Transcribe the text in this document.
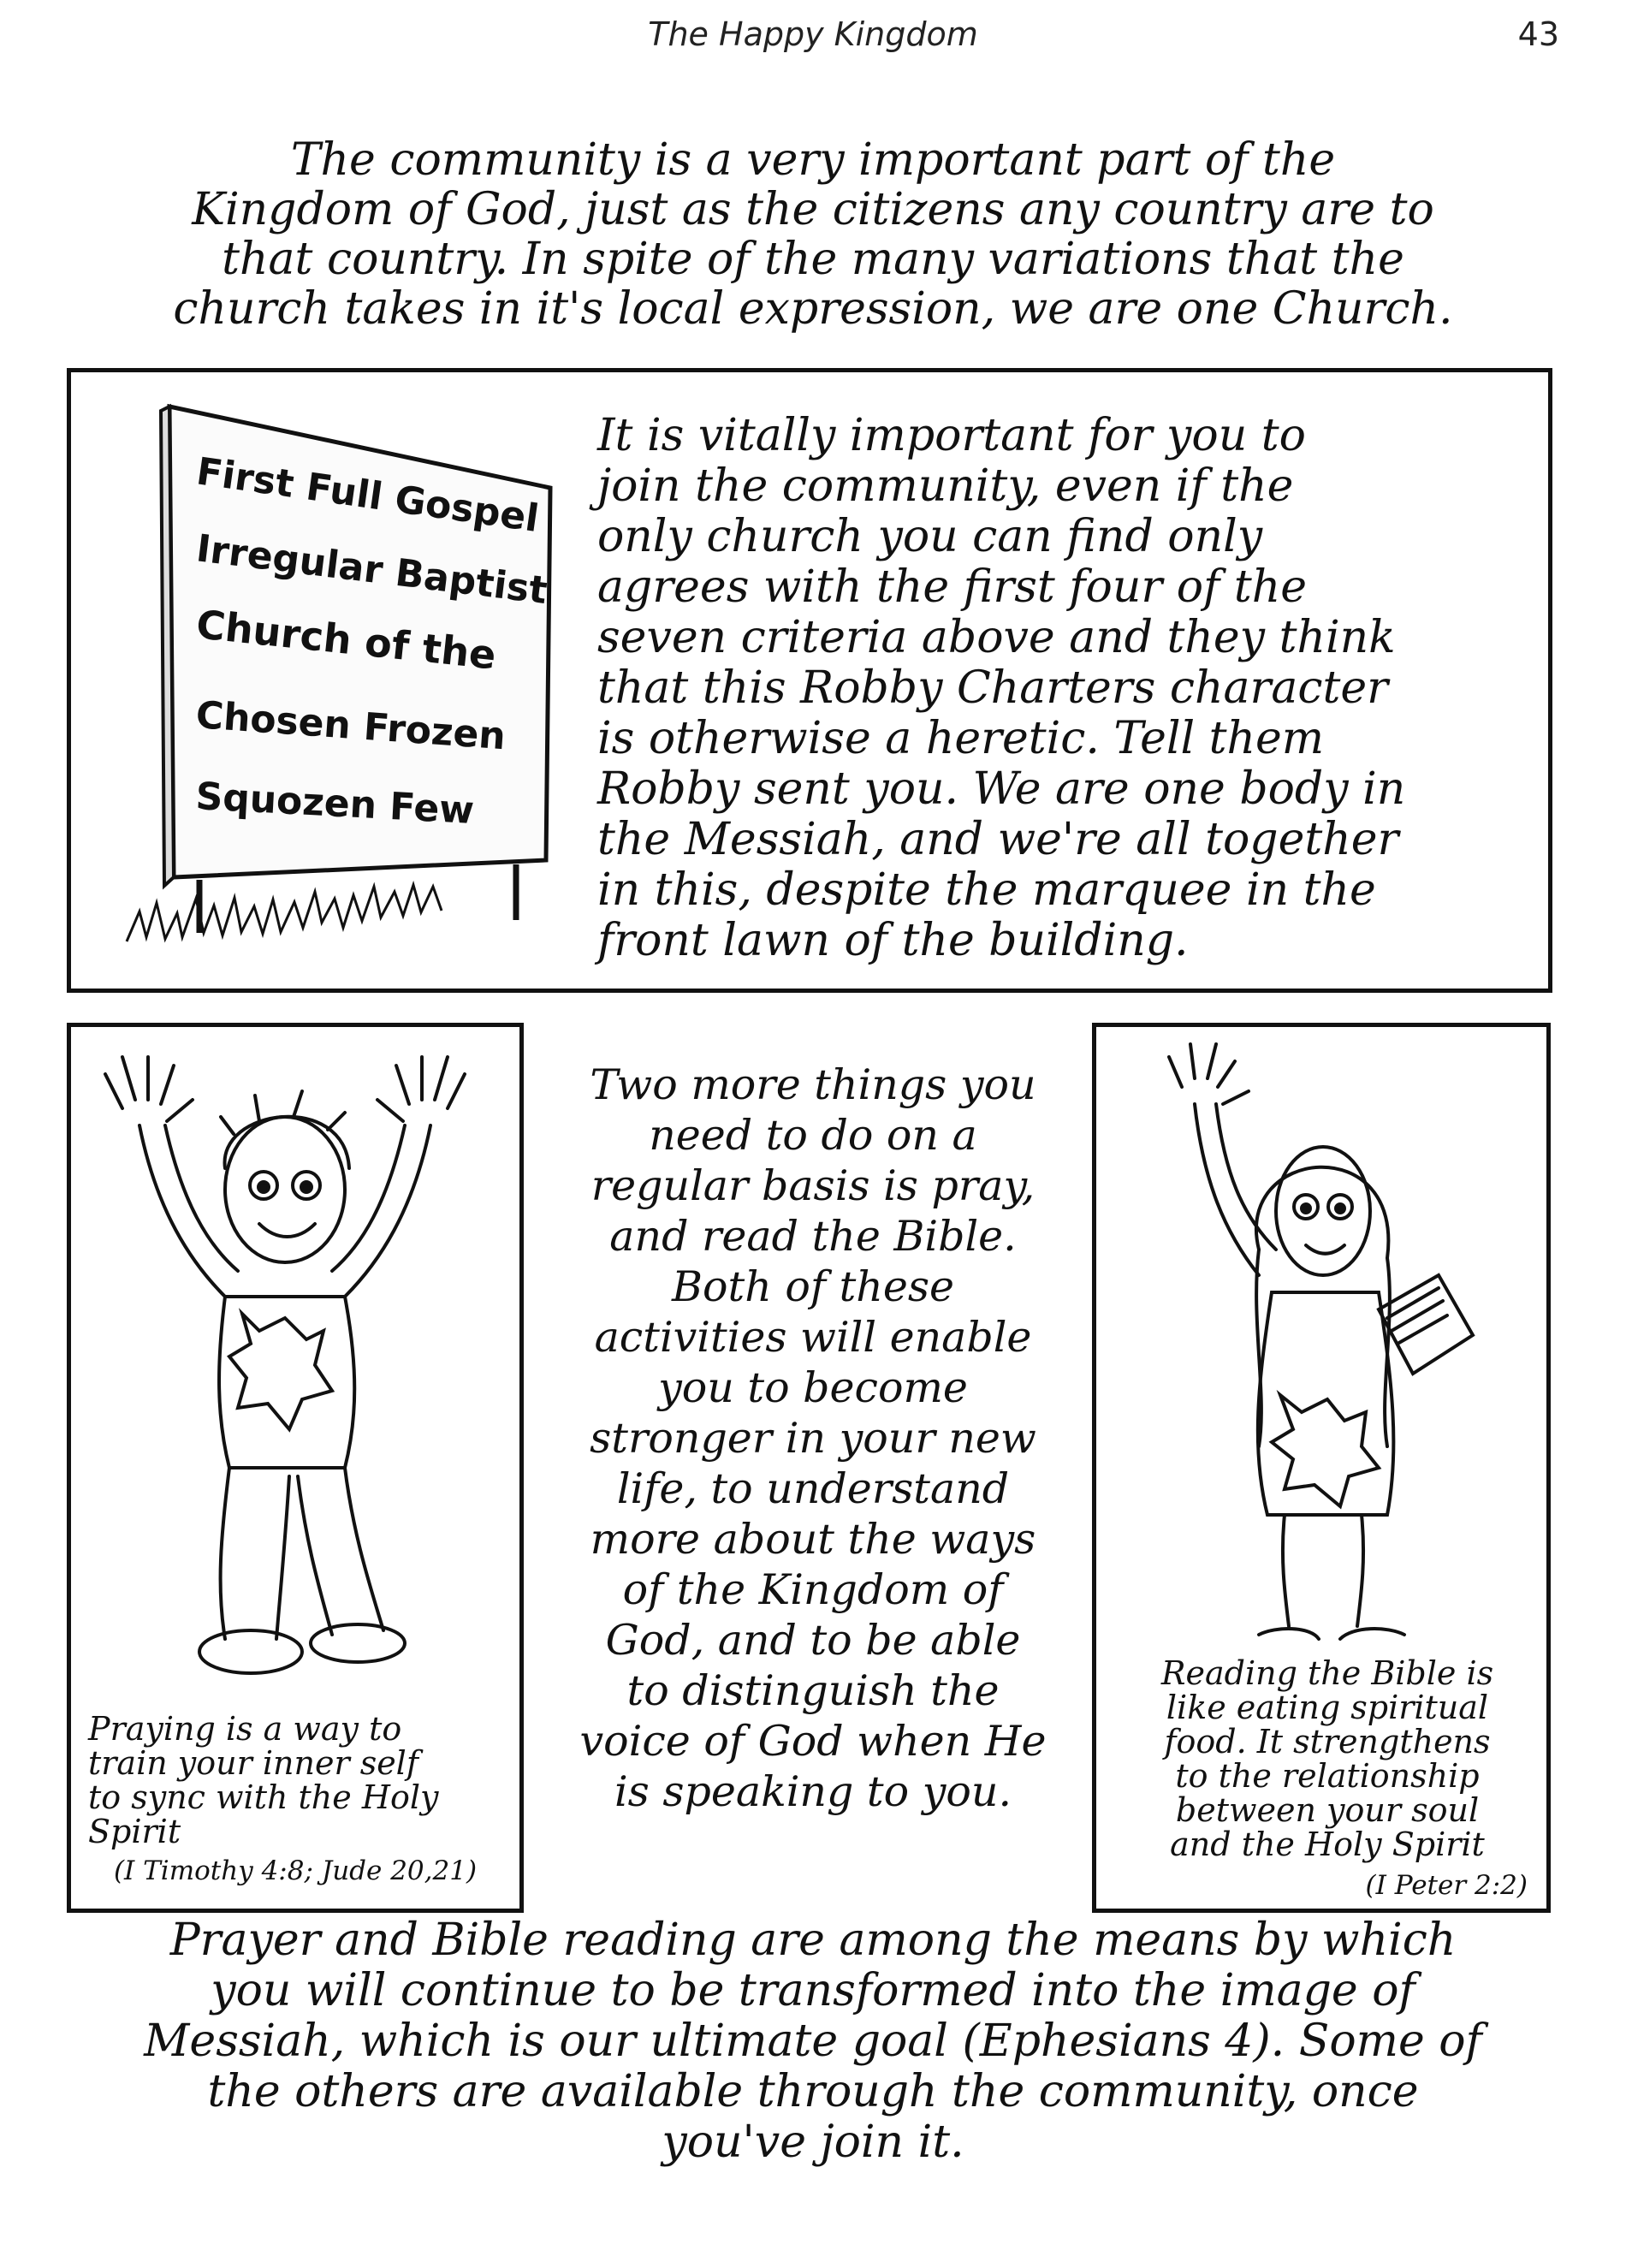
The Happy Kingdom	43

The community is a very important part of the
Kingdom of God, just as the citizens any country are to
that country. In spite of the many variations that the
church takes in it's local expression, we are one Church.

First Full Gospel
Irregular Baptist
Church of the
Chosen Frozen
Squozen Few

It is vitally important for you to
join the community, even if the
only church you can find only
agrees with the first four of the
seven criteria above and they think
that this Robby Charters character
is otherwise a heretic. Tell them
Robby sent you. We are one body in
the Messiah, and we're all together
in this, despite the marquee in the
front lawn of the building.

Praying is a way to
train your inner self
to sync with the Holy
Spirit

(I Timothy 4:8; Jude 20,21)

Two more things you
need to do on a
regular basis is pray,
and read the Bible.
Both of these
activities will enable
you to become
stronger in your new
life, to understand
more about the ways
of the Kingdom of
God, and to be able
to distinguish the
voice of God when He
is speaking to you.

Reading the Bible is
like eating spiritual
food. It strengthens
to the relationship
between your soul
and the Holy Spirit

(I Peter 2:2)

Prayer and Bible reading are among the means by which
you will continue to be transformed into the image of
Messiah, which is our ultimate goal (Ephesians 4). Some of
the others are available through the community, once
you've join it.
